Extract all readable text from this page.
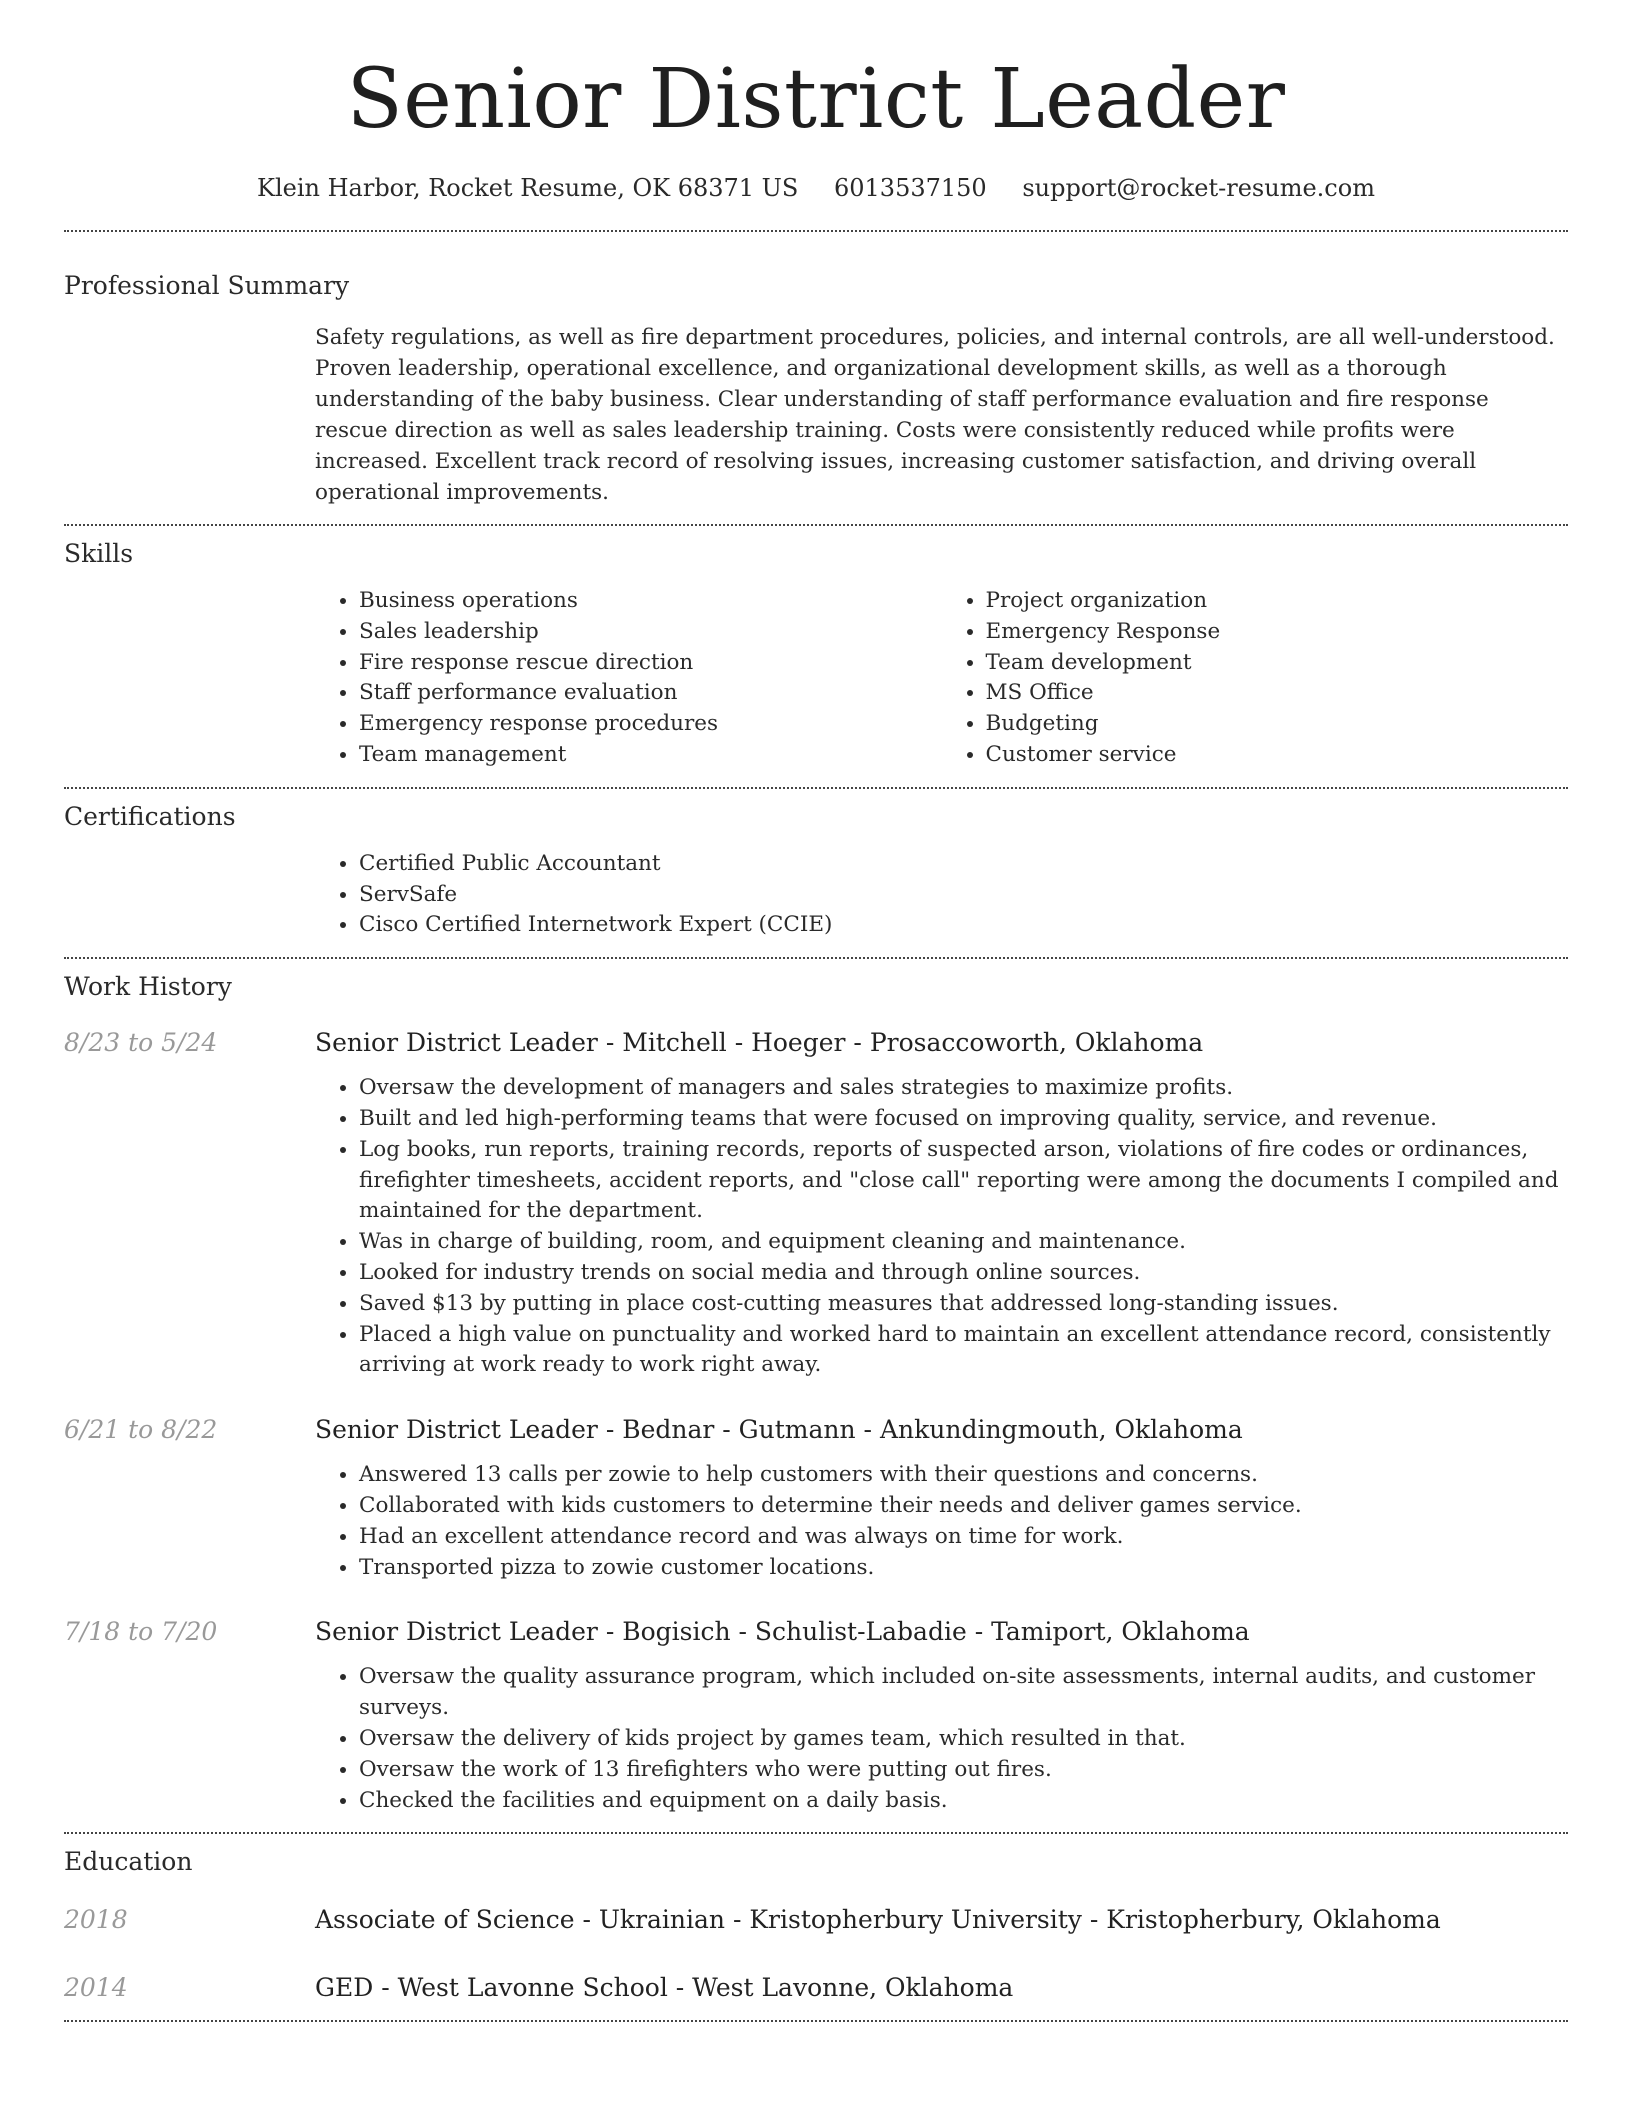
Senior District Leader
Klein Harbor, Rocket Resume, OK 68371 US 6013537150 support@rocket-resume.com
Professional Summary
Safety regulations, as well as fire department procedures, policies, and internal controls, are all well-understood. Proven leadership, operational excellence, and organizational development skills, as well as a thorough understanding of the baby business. Clear understanding of staff performance evaluation and fire response rescue direction as well as sales leadership training. Costs were consistently reduced while profits were increased. Excellent track record of resolving issues, increasing customer satisfaction, and driving overall operational improvements.
Skills
• Business operations
• Sales leadership
• Fire response rescue direction
• Staff performance evaluation
• Emergency response procedures
• Team management
• Project organization
• Emergency Response
• Team development
• MS Office
• Budgeting
• Customer service
Certifications
• Certified Public Accountant
• ServSafe
• Cisco Certified Internetwork Expert (CCIE)
Work History
8/23 to 5/24	Senior District Leader - Mitchell - Hoeger - Prosaccoworth, Oklahoma
• Oversaw the development of managers and sales strategies to maximize profits.
• Built and led high-performing teams that were focused on improving quality, service, and revenue.
• Log books, run reports, training records, reports of suspected arson, violations of fire codes or ordinances, firefighter timesheets, accident reports, and "close call" reporting were among the documents I compiled and maintained for the department.
• Was in charge of building, room, and equipment cleaning and maintenance.
• Looked for industry trends on social media and through online sources.
• Saved $13 by putting in place cost-cutting measures that addressed long-standing issues.
• Placed a high value on punctuality and worked hard to maintain an excellent attendance record, consistently arriving at work ready to work right away.
6/21 to 8/22	Senior District Leader - Bednar - Gutmann - Ankundingmouth, Oklahoma
• Answered 13 calls per zowie to help customers with their questions and concerns.
• Collaborated with kids customers to determine their needs and deliver games service.
• Had an excellent attendance record and was always on time for work.
• Transported pizza to zowie customer locations.
7/18 to 7/20	Senior District Leader - Bogisich - Schulist-Labadie - Tamiport, Oklahoma
• Oversaw the quality assurance program, which included on-site assessments, internal audits, and customer surveys.
• Oversaw the delivery of kids project by games team, which resulted in that.
• Oversaw the work of 13 firefighters who were putting out fires.
• Checked the facilities and equipment on a daily basis.
Education
2018	Associate of Science - Ukrainian - Kristopherbury University - Kristopherbury, Oklahoma
2014	GED - West Lavonne School - West Lavonne, Oklahoma
